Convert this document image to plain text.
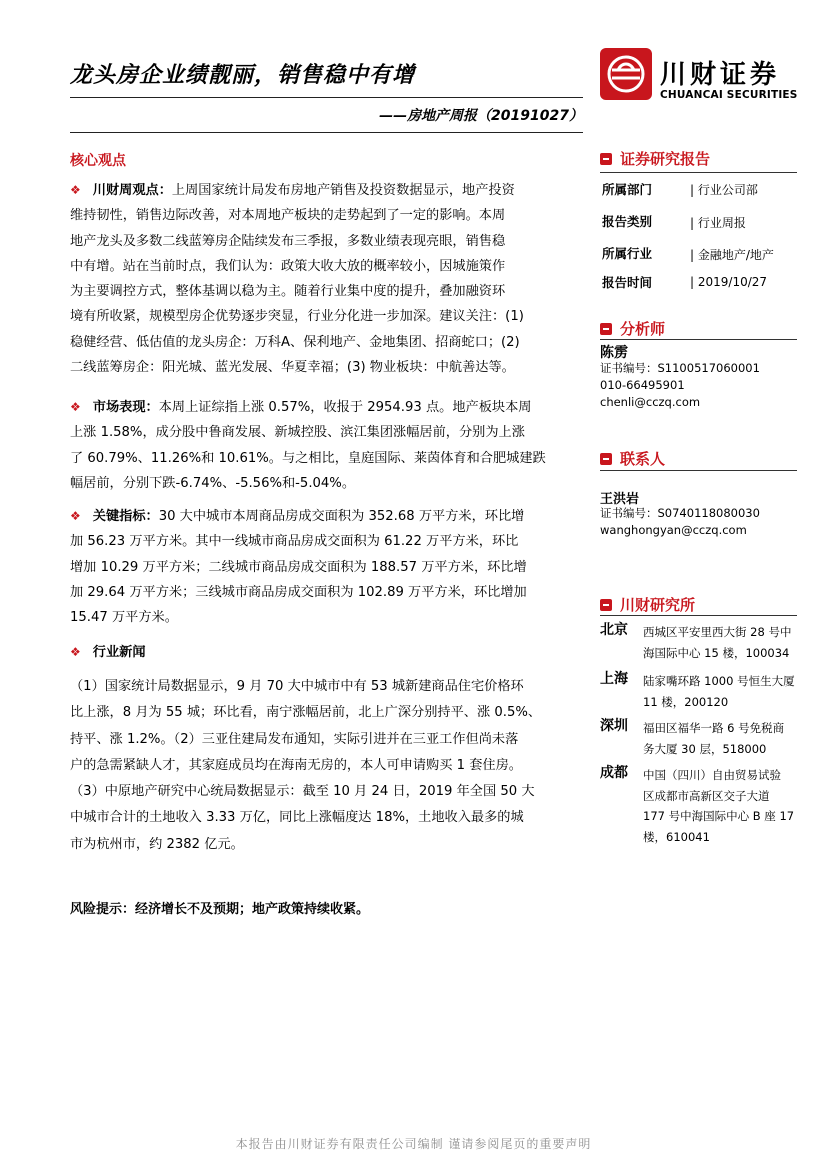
龙头房企业绩靓丽，销售稳中有增
——房地产周报（20191027）
川财证券
CHUANCAI SECURITIES
核心观点
❖ 川财周观点：上周国家统计局发布房地产销售及投资数据显示，地产投资
维持韧性，销售边际改善，对本周地产板块的走势起到了一定的影响。本周
地产龙头及多数二线蓝筹房企陆续发布三季报，多数业绩表现亮眼，销售稳
中有增。站在当前时点，我们认为：政策大收大放的概率较小，因城施策作
为主要调控方式，整体基调以稳为主。随着行业集中度的提升，叠加融资环
境有所收紧，规模型房企优势逐步突显，行业分化进一步加深。建议关注：(1)
稳健经营、低估值的龙头房企：万科A、保利地产、金地集团、招商蛇口；(2)
二线蓝筹房企：阳光城、蓝光发展、华夏幸福；(3) 物业板块：中航善达等。
❖ 市场表现：本周上证综指上涨 0.57%，收报于 2954.93 点。地产板块本周
上涨 1.58%，成分股中鲁商发展、新城控股、滨江集团涨幅居前，分别为上涨
了 60.79%、11.26%和 10.61%。与之相比，皇庭国际、莱茵体育和合肥城建跌
幅居前，分别下跌-6.74%、-5.56%和-5.04%。
❖ 关键指标：30 大中城市本周商品房成交面积为 352.68 万平方米，环比增
加 56.23 万平方米。其中一线城市商品房成交面积为 61.22 万平方米，环比
增加 10.29 万平方米；二线城市商品房成交面积为 188.57 万平方米，环比增
加 29.64 万平方米；三线城市商品房成交面积为 102.89 万平方米，环比增加
15.47 万平方米。
❖ 行业新闻
（1）国家统计局数据显示，9 月 70 大中城市中有 53 城新建商品住宅价格环
比上涨，8 月为 55 城；环比看，南宁涨幅居前，北上广深分别持平、涨 0.5%、
持平、涨 1.2%。（2）三亚住建局发布通知，实际引进并在三亚工作但尚未落
户的急需紧缺人才，其家庭成员均在海南无房的，本人可申请购买 1 套住房。
（3）中原地产研究中心统局数据显示：截至 10 月 24 日，2019 年全国 50 大
中城市合计的土地收入 3.33 万亿，同比上涨幅度达 18%，土地收入最多的城
市为杭州市，约 2382 亿元。
风险提示：经济增长不及预期；地产政策持续收紧。
证券研究报告
所属部门	| 行业公司部
报告类别	| 行业周报
所属行业	| 金融地产/地产
报告时间	| 2019/10/27
分析师
陈雳
证书编号：S1100517060001
010-66495901
chenli@cczq.com
联系人
王洪岩
证书编号：S0740118080030
wanghongyan@cczq.com
川财研究所
北京 西城区平安里西大街 28 号中
海国际中心 15 楼，100034
上海 陆家嘴环路 1000 号恒生大厦
11 楼，200120
深圳 福田区福华一路 6 号免税商
务大厦 30 层，518000
成都 中国（四川）自由贸易试验
区成都市高新区交子大道
177 号中海国际中心 B 座 17
楼，610041
本报告由川财证券有限责任公司编制 谨请参阅尾页的重要声明
